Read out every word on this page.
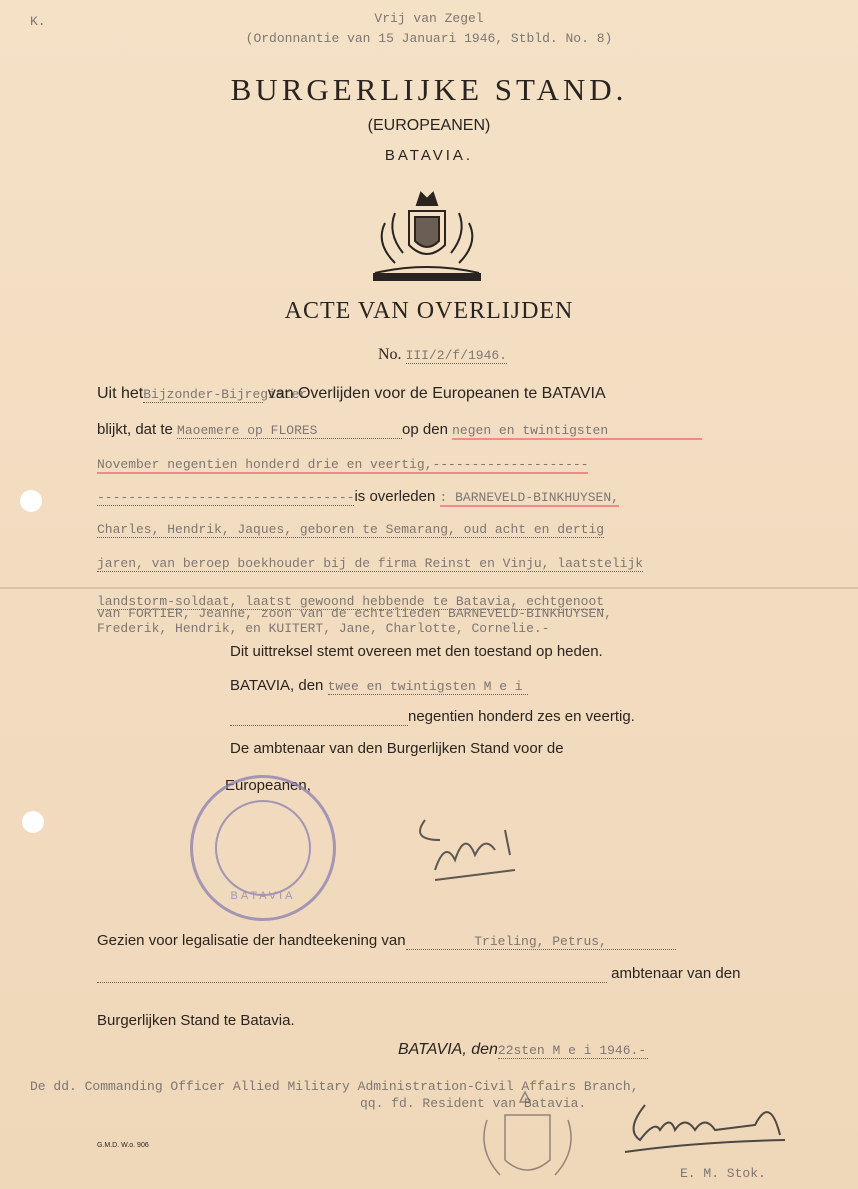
K.	Vrij van Zegel
(Ordonnantie van 15 Januari 1946, Stbld. No. 8)
BURGERLIJKE STAND.
(EUROPEANEN)
BATAVIA.
ACTE VAN OVERLIJDEN
No. III/2/f/1946.
Uit hetBijzonder-Bijregister van Overlijden voor de Europeanen te BATAVIA
blijkt, dat te Maoemere op FLORES	op den negen en twintigsten
November negentien honderd drie en veertig,--------------------
---------------------------------is overleden : BARNEVELD-BINKHUYSEN,
Charles, Hendrik, Jaques, geboren te Semarang, oud acht en dertig
jaren, van beroep boekhouder bij de firma Reinst en Vinju, laatstelijk
landstorm-soldaat, laatst gewoond hebbende te Batavia, echtgenoot
van FORTIER, Jeanne, zoon van de echtelieden BARNEVELD-BINKHUYSEN,
Frederik, Hendrik, en KUITERT, Jane, Charlotte, Cornelie.-
Dit uittreksel stemt overeen met den toestand op heden.
BATAVIA, den twee en twintigsten M e i
negentien honderd zes en veertig.
De ambtenaar van den Burgerlijken Stand voor de
Europeanen,
BATAVIA
Gezien voor legalisatie der handteekening van	Trieling, Petrus,
ambtenaar van den
Burgerlijken Stand te Batavia.
BATAVIA, den22sten M e i 1946.-
De dd. Commanding Officer Allied Military Administration-Civil Affairs Branch,
qq. fd. Resident van Batavia.
G.M.D. W.o. 906
E. M. Stok.
